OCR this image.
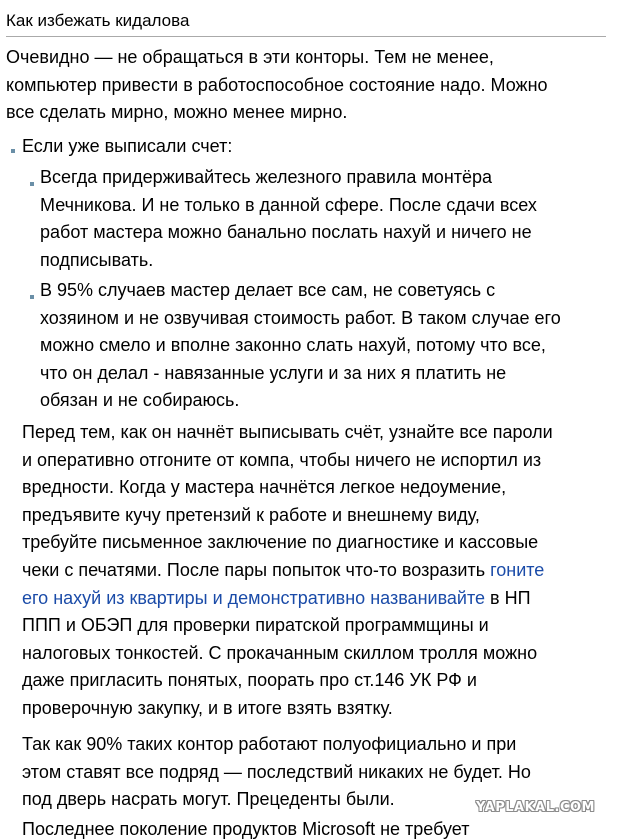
Как избежать кидалова

Очевидно — не обращаться в эти конторы. Тем не менее,
компьютер привести в работоспособное состояние надо. Можно
все сделать мирно, можно менее мирно.

Если уже выписали счет:

Всегда придерживайтесь железного правила монтёра
Мечникова. И не только в данной сфере. После сдачи всех
работ мастера можно банально послать нахуй и ничего не
подписывать.

В 95% случаев мастер делает все сам, не советуясь с
хозяином и не озвучивая стоимость работ. В таком случае его
можно смело и вполне законно слать нахуй, потому что все,
что он делал - навязанные услуги и за них я платить не
обязан и не собираюсь.

Перед тем, как он начнёт выписывать счёт, узнайте все пароли
и оперативно отгоните от компа, чтобы ничего не испортил из
вредности. Когда у мастера начнётся легкое недоумение,
предъявите кучу претензий к работе и внешнему виду,
требуйте письменное заключение по диагностике и кассовые
чеки с печатями. После пары попыток что-то возразить гоните
его нахуй из квартиры и демонстративно названивайте в НП
ППП и ОБЭП для проверки пиратской программщины и
налоговых тонкостей. С прокачанным скиллом тролля можно
даже пригласить понятых, поорать про ст.146 УК РФ и
проверочную закупку, и в итоге взять взятку.

Так как 90% таких контор работают полуофициально и при
этом ставят все подряд — последствий никаких не будет. Но
под дверь насрать могут. Прецеденты были.

Последнее поколение продуктов Microsoft не требует

YAPLAKAL.COM
